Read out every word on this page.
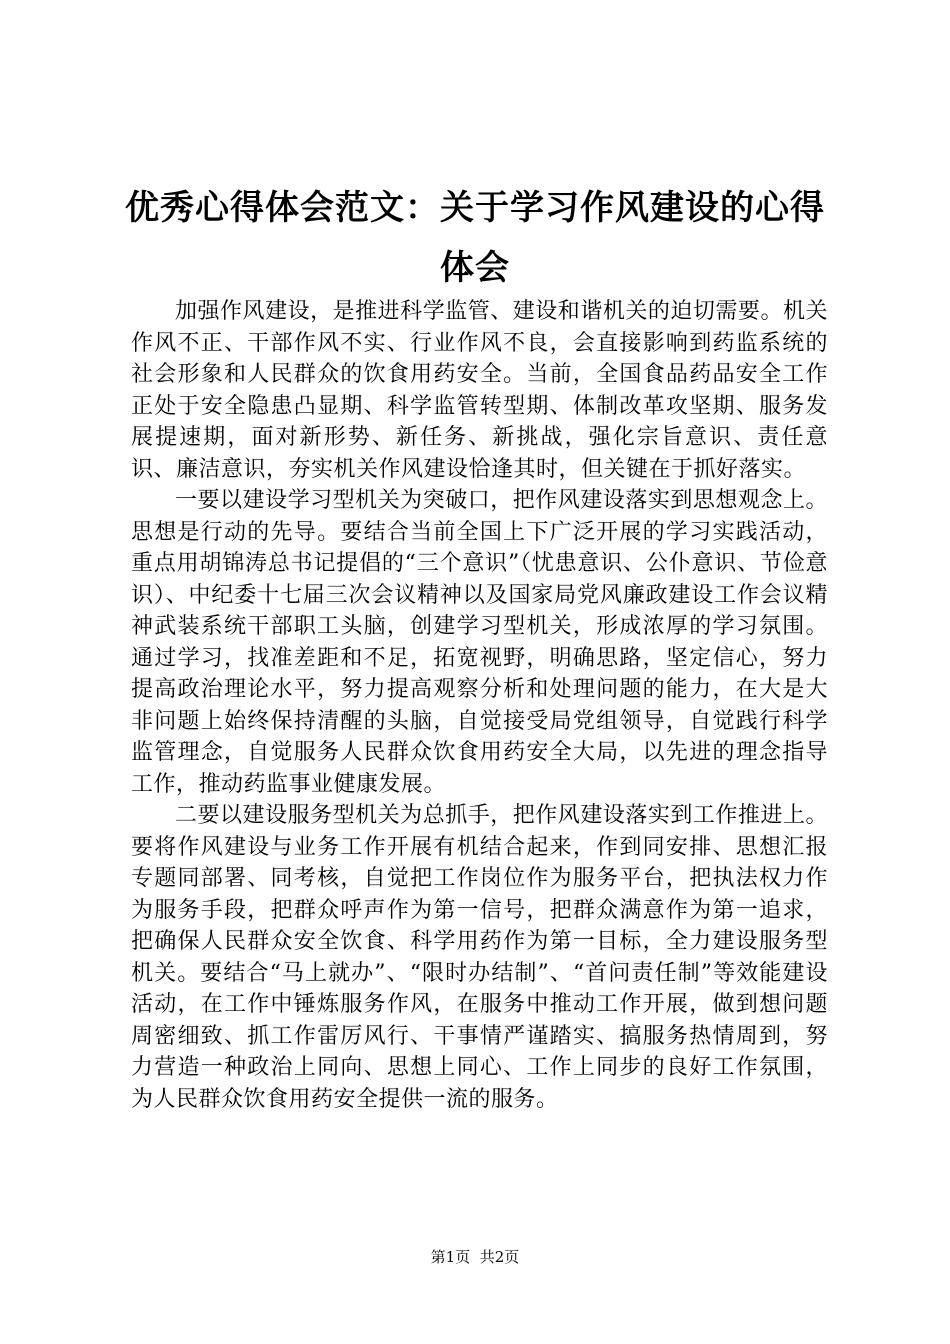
优秀心得体会范文：关于学习作风建设的心得体会

加强作风建设，是推进科学监管、建设和谐机关的迫切需要。机关作风不正、干部作风不实、行业作风不良，会直接影响到药监系统的社会形象和人民群众的饮食用药安全。当前，全国食品药品安全工作正处于安全隐患凸显期、科学监管转型期、体制改革攻坚期、服务发展提速期，面对新形势、新任务、新挑战，强化宗旨意识、责任意识、廉洁意识，夯实机关作风建设恰逢其时，但关键在于抓好落实。

一要以建设学习型机关为突破口，把作风建设落实到思想观念上。思想是行动的先导。要结合当前全国上下广泛开展的学习实践活动，重点用胡锦涛总书记提倡的“三个意识”（忧患意识、公仆意识、节俭意识）、中纪委十七届三次会议精神以及国家局党风廉政建设工作会议精神武装系统干部职工头脑，创建学习型机关，形成浓厚的学习氛围。通过学习，找准差距和不足，拓宽视野，明确思路，坚定信心，努力提高政治理论水平，努力提高观察分析和处理问题的能力，在大是大非问题上始终保持清醒的头脑，自觉接受局党组领导，自觉践行科学监管理念，自觉服务人民群众饮食用药安全大局，以先进的理念指导工作，推动药监事业健康发展。

二要以建设服务型机关为总抓手，把作风建设落实到工作推进上。要将作风建设与业务工作开展有机结合起来，作到同安排、思想汇报专题同部署、同考核，自觉把工作岗位作为服务平台，把执法权力作为服务手段，把群众呼声作为第一信号，把群众满意作为第一追求，把确保人民群众安全饮食、科学用药作为第一目标，全力建设服务型机关。要结合“马上就办”、“限时办结制”、“首问责任制”等效能建设活动，在工作中锤炼服务作风，在服务中推动工作开展，做到想问题周密细致、抓工作雷厉风行、干事情严谨踏实、搞服务热情周到，努力营造一种政治上同向、思想上同心、工作上同步的良好工作氛围，为人民群众饮食用药安全提供一流的服务。

第1页 共2页
